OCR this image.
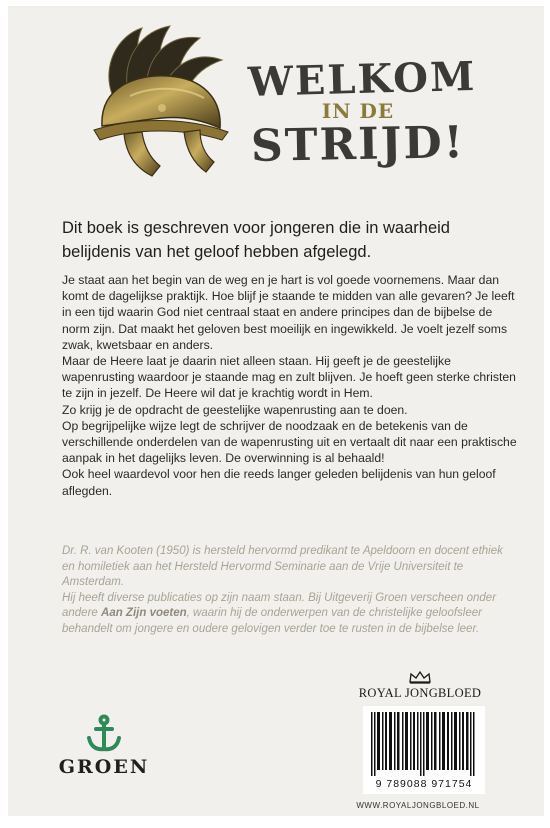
WELKOM
IN DE
STRIJD!

Dit boek is geschreven voor jongeren die in waarheid belijdenis van het geloof hebben afgelegd.

Je staat aan het begin van de weg en je hart is vol goede voornemens. Maar dan komt de dagelijkse praktijk. Hoe blijf je staande te midden van alle gevaren? Je leeft in een tijd waarin God niet centraal staat en andere principes dan de bijbelse de norm zijn. Dat maakt het geloven best moeilijk en ingewikkeld. Je voelt jezelf soms zwak, kwetsbaar en anders.

Maar de Heere laat je daarin niet alleen staan. Hij geeft je de geestelijke wapenrusting waardoor je staande mag en zult blijven. Je hoeft geen sterke christen te zijn in jezelf. De Heere wil dat je krachtig wordt in Hem.

Zo krijg je de opdracht de geestelijke wapenrusting aan te doen.

Op begrijpelijke wijze legt de schrijver de noodzaak en de betekenis van de verschillende onderdelen van de wapenrusting uit en vertaalt dit naar een praktische aanpak in het dagelijks leven. De overwinning is al behaald!

Ook heel waardevol voor hen die reeds langer geleden belijdenis van hun geloof aflegden.

Dr. R. van Kooten (1950) is hersteld hervormd predikant te Apeldoorn en docent ethiek en homiletiek aan het Hersteld Hervormd Seminarie aan de Vrije Universiteit te Amsterdam.

Hij heeft diverse publicaties op zijn naam staan. Bij Uitgeverij Groen verscheen onder andere Aan Zijn voeten, waarin hij de onderwerpen van de christelijke geloofsleer behandelt om jongere en oudere gelovigen verder toe te rusten in de bijbelse leer.

GROEN
ROYAL JONGBLOED
9 789088 971754
WWW.ROYALJONGBLOED.NL
